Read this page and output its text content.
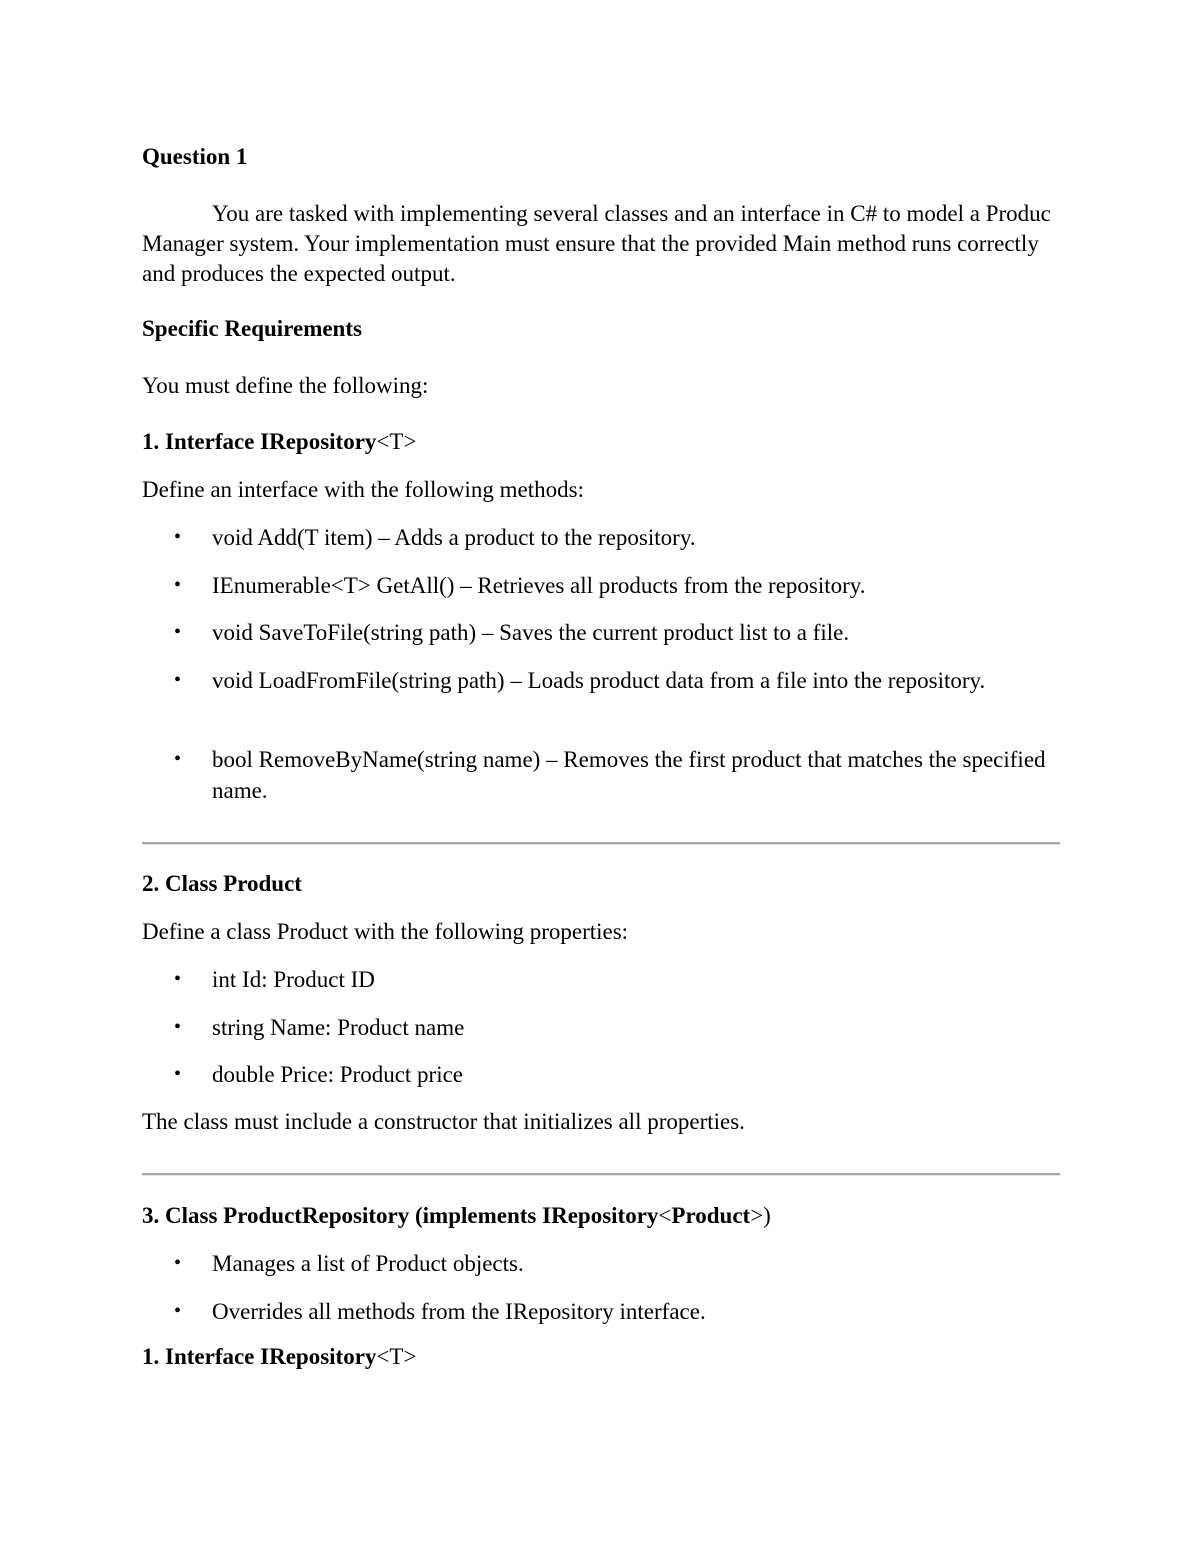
Question 1
You are tasked with implementing several classes and an interface in C# to model a Produc Manager system. Your implementation must ensure that the provided Main method runs correctly and produces the expected output.
Specific Requirements
You must define the following:
1. Interface IRepository<T>
Define an interface with the following methods:
• void Add(T item) – Adds a product to the repository.
• IEnumerable<T> GetAll() – Retrieves all products from the repository.
• void SaveToFile(string path) – Saves the current product list to a file.
• void LoadFromFile(string path) – Loads product data from a file into the repository.
• bool RemoveByName(string name) – Removes the first product that matches the specified name.
2. Class Product
Define a class Product with the following properties:
• int Id: Product ID
• string Name: Product name
• double Price: Product price
The class must include a constructor that initializes all properties.
3. Class ProductRepository (implements IRepository<Product>)
• Manages a list of Product objects.
• Overrides all methods from the IRepository interface.
1. Interface IRepository<T>
